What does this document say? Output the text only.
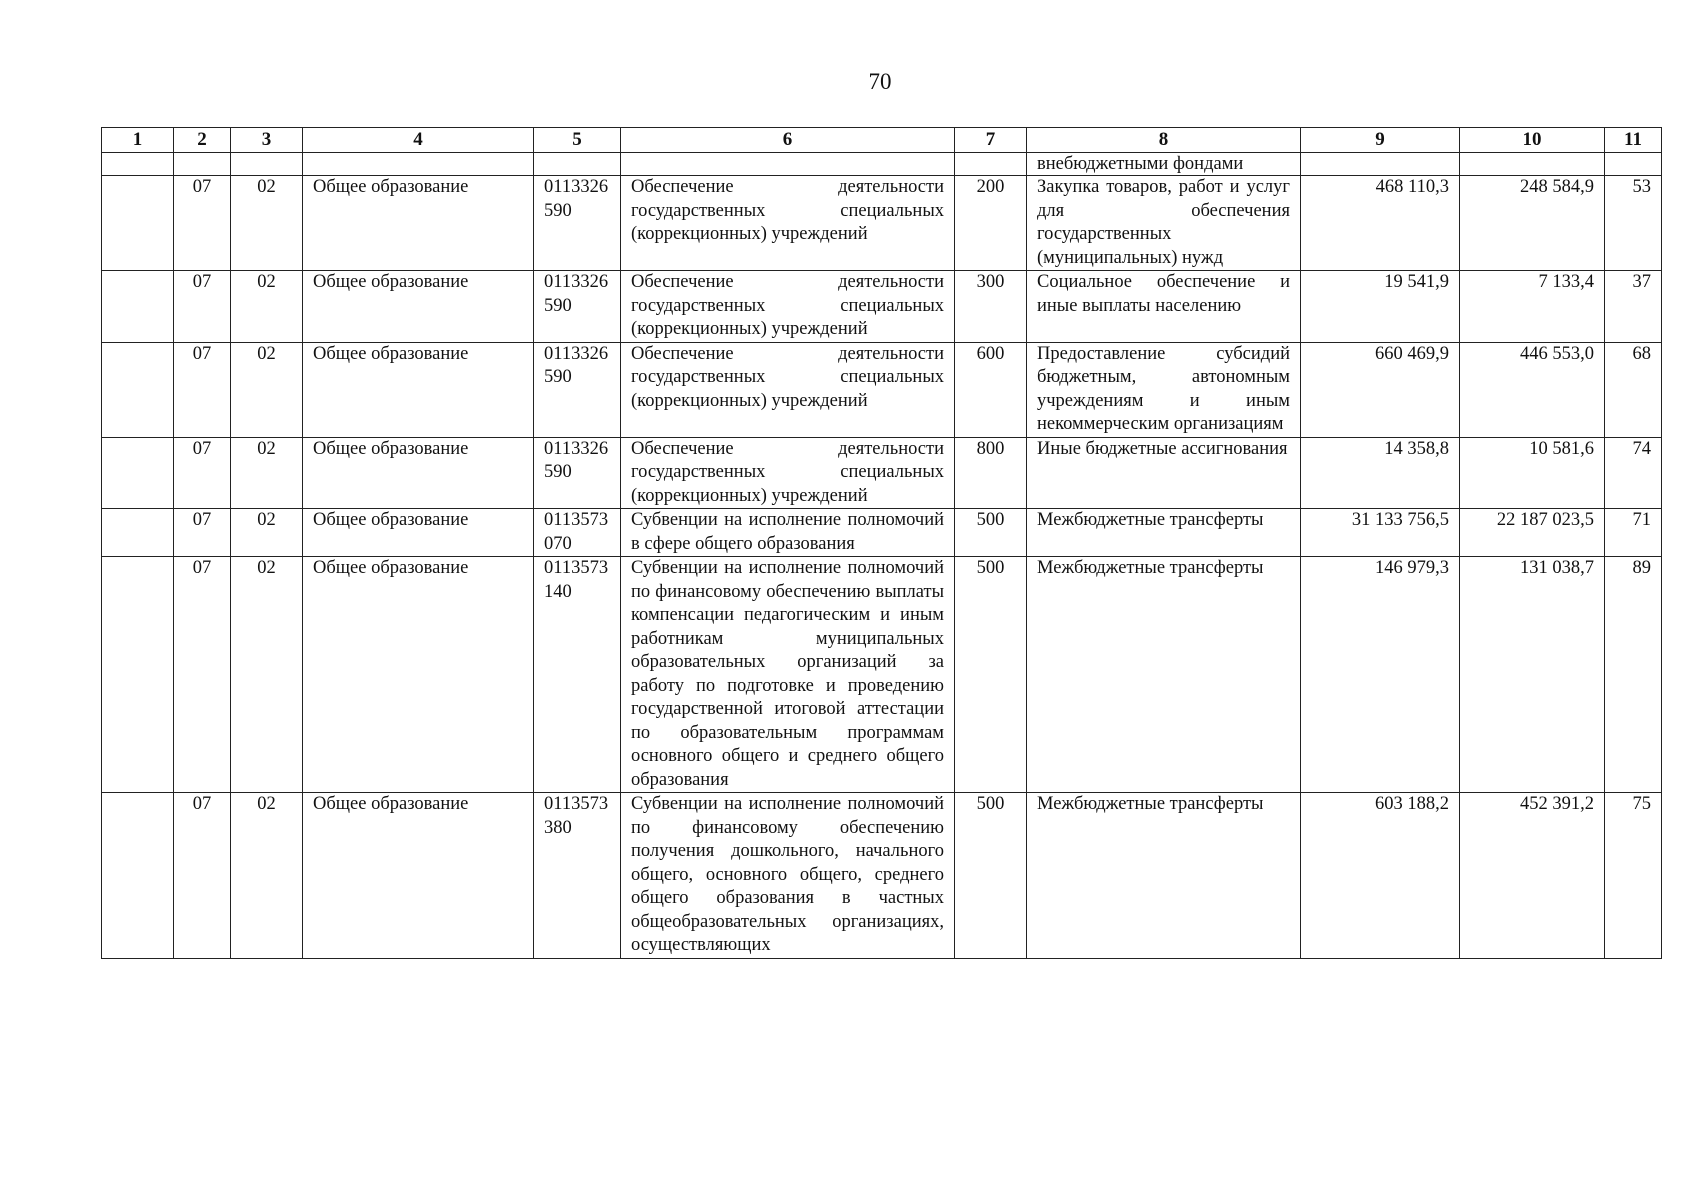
70
1	2	3	4	5	6	7	8	9	10	11
							внебюджетными фондами			
	07	02	Общее образование	0113326590	Обеспечение деятельности государственных специальных (коррекционных) учреждений	200	Закупка товаров, работ и услуг для обеспечения государственных (муниципальных) нужд	468 110,3	248 584,9	53
	07	02	Общее образование	0113326590	Обеспечение деятельности государственных специальных (коррекционных) учреждений	300	Социальное обеспечение и иные выплаты населению	19 541,9	7 133,4	37
	07	02	Общее образование	0113326590	Обеспечение деятельности государственных специальных (коррекционных) учреждений	600	Предоставление субсидий бюджетным, автономным учреждениям и иным некоммерческим организациям	660 469,9	446 553,0	68
	07	02	Общее образование	0113326590	Обеспечение деятельности государственных специальных (коррекционных) учреждений	800	Иные бюджетные ассигнования	14 358,8	10 581,6	74
	07	02	Общее образование	0113573070	Субвенции на исполнение полномочий в сфере общего образования	500	Межбюджетные трансферты	31 133 756,5	22 187 023,5	71
	07	02	Общее образование	0113573140	Субвенции на исполнение полномочий по финансовому обеспечению выплаты компенсации педагогическим и иным работникам муниципальных образовательных организаций за работу по подготовке и проведению государственной итоговой аттестации по образовательным программам основного общего и среднего общего образования	500	Межбюджетные трансферты	146 979,3	131 038,7	89
	07	02	Общее образование	0113573380	Субвенции на исполнение полномочий по финансовому обеспечению получения дошкольного, начального общего, основного общего, среднего общего образования в частных общеобразовательных организациях, осуществляющих	500	Межбюджетные трансферты	603 188,2	452 391,2	75
